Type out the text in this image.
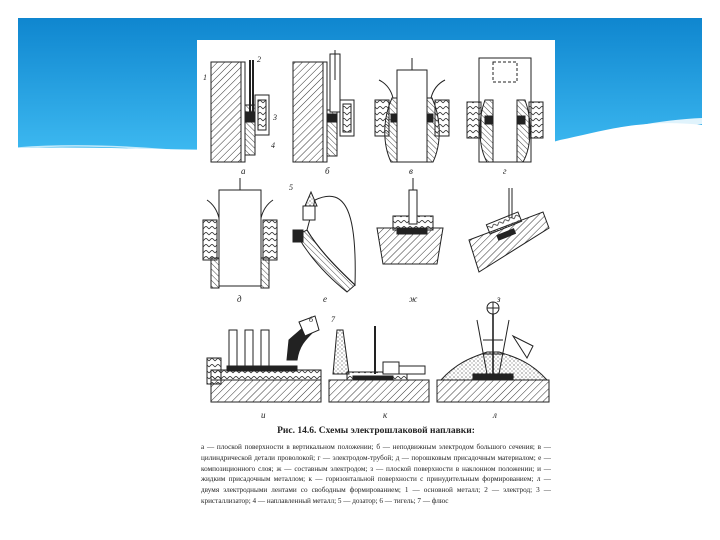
а	б	в	г
д	е	ж	з
и	к	л
1
2
3
4
5
6 7
Рис. 14.6. Схемы электрошлаковой наплавки:
а — плоской поверхности в вертикальном положении; б — неподвижным электродом большого сечения; в — цилиндрической детали проволокой; г — электродом-трубой; д — порошковым присадочным материалом; е — композиционного слоя; ж — составным электродом; з — плоской поверхности в наклонном положении; и — жидким присадочным металлом; к — горизонтальной поверхности с принудительным формированием; л — двумя электродными лентами со свободным формированием; 1 — основной металл; 2 — электрод; 3 — кристаллизатор; 4 — наплавленный металл; 5 — дозатор; 6 — тигель; 7 — флюс
